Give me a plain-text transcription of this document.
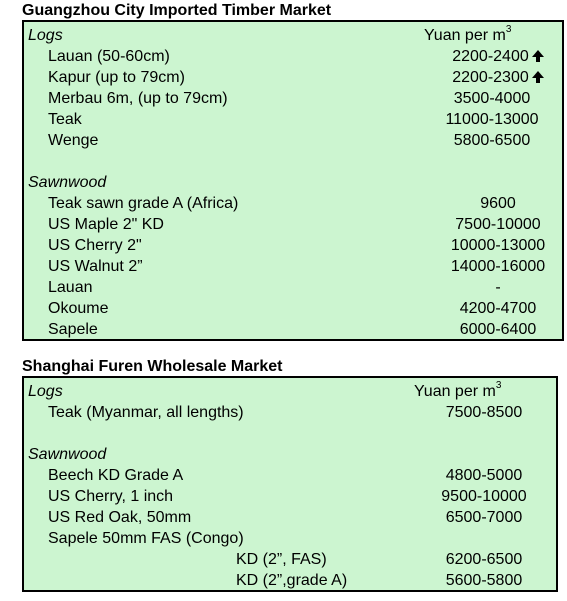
Guangzhou City Imported Timber Market
Logs	Yuan per $m^3$
Lauan (50-60cm)	2200-2400
Kapur (up to 79cm)	2200-2300
Merbau 6m, (up to 79cm)	3500-4000
Teak	11000-13000
Wenge	5800-6500
Sawnwood
Teak sawn grade A (Africa)	9600
US Maple 2" KD	7500-10000
US Cherry 2"	10000-13000
US Walnut 2”	14000-16000
Lauan	-
Okoume	4200-4700
Sapele	6000-6400
Shanghai Furen Wholesale Market
Logs	Yuan per $m^3$
Teak (Myanmar, all lengths)	7500-8500
Sawnwood
Beech KD Grade A	4800-5000
US Cherry, 1 inch	9500-10000
US Red Oak, 50mm	6500-7000
Sapele 50mm FAS (Congo)
KD (2”, FAS)	6200-6500
KD (2”,grade A)	5600-5800
